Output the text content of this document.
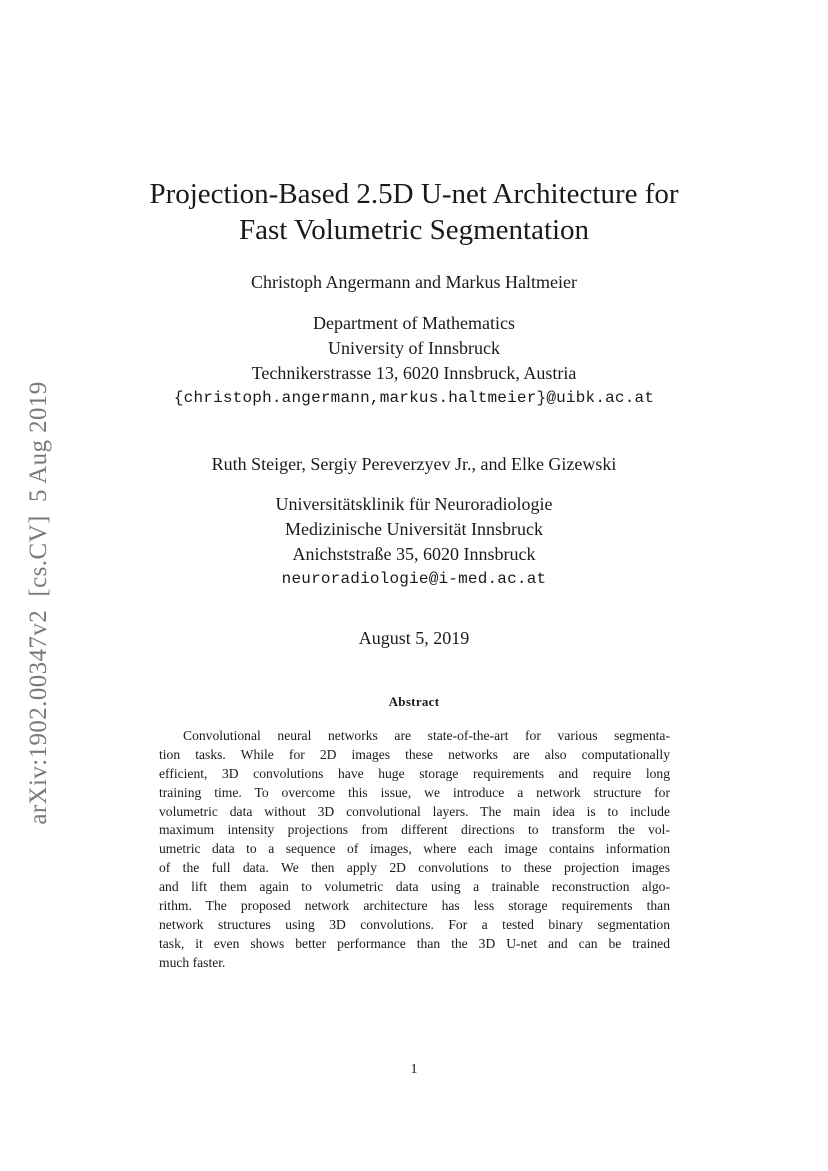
arXiv:1902.00347v2  [cs.CV]  5 Aug 2019
Projection-Based 2.5D U-net Architecture for
Fast Volumetric Segmentation
Christoph Angermann and Markus Haltmeier
Department of Mathematics
University of Innsbruck
Technikerstrasse 13, 6020 Innsbruck, Austria
{christoph.angermann,markus.haltmeier}@uibk.ac.at
Ruth Steiger, Sergiy Pereverzyev Jr., and Elke Gizewski
Universitätsklinik für Neuroradiologie
Medizinische Universität Innsbruck
Anichststraße 35, 6020 Innsbruck
neuroradiologie@i-med.ac.at
August 5, 2019
Abstract
Convolutional neural networks are state-of-the-art for various segmenta-
tion tasks. While for 2D images these networks are also computationally
efficient, 3D convolutions have huge storage requirements and require long
training time. To overcome this issue, we introduce a network structure for
volumetric data without 3D convolutional layers. The main idea is to include
maximum intensity projections from different directions to transform the vol-
umetric data to a sequence of images, where each image contains information
of the full data. We then apply 2D convolutions to these projection images
and lift them again to volumetric data using a trainable reconstruction algo-
rithm. The proposed network architecture has less storage requirements than
network structures using 3D convolutions. For a tested binary segmentation
task, it even shows better performance than the 3D U-net and can be trained
much faster.
1
